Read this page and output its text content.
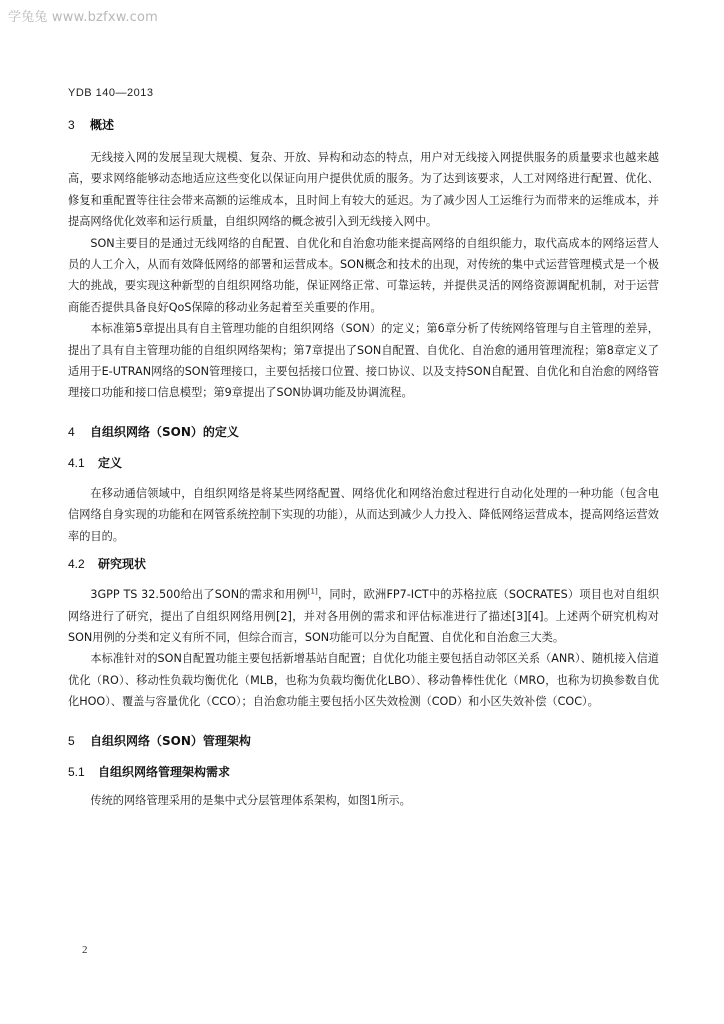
学兔兔 www.bzfxw.com
YDB 140—2013
3 概述

无线接入网的发展呈现大规模、复杂、开放、异构和动态的特点，用户对无线接入网提供服务的质量要求也越来越高，要求网络能够动态地适应这些变化以保证向用户提供优质的服务。为了达到该要求，人工对网络进行配置、优化、修复和重配置等往往会带来高额的运维成本，且时间上有较大的延迟。为了减少因人工运维行为而带来的运维成本，并提高网络优化效率和运行质量，自组织网络的概念被引入到无线接入网中。

SON主要目的是通过无线网络的自配置、自优化和自治愈功能来提高网络的自组织能力，取代高成本的网络运营人员的人工介入，从而有效降低网络的部署和运营成本。SON概念和技术的出现，对传统的集中式运营管理模式是一个极大的挑战，要实现这种新型的自组织网络功能，保证网络正常、可靠运转，并提供灵活的网络资源调配机制，对于运营商能否提供具备良好QoS保障的移动业务起着至关重要的作用。

本标准第5章提出具有自主管理功能的自组织网络（SON）的定义；第6章分析了传统网络管理与自主管理的差异，提出了具有自主管理功能的自组织网络架构；第7章提出了SON自配置、自优化、自治愈的通用管理流程；第8章定义了适用于E-UTRAN网络的SON管理接口，主要包括接口位置、接口协议、以及支持SON自配置、自优化和自治愈的网络管理接口功能和接口信息模型；第9章提出了SON协调功能及协调流程。

4 自组织网络（SON）的定义
4.1 定义

在移动通信领域中，自组织网络是将某些网络配置、网络优化和网络治愈过程进行自动化处理的一种功能（包含电信网络自身实现的功能和在网管系统控制下实现的功能），从而达到减少人力投入、降低网络运营成本，提高网络运营效率的目的。

4.2 研究现状

3GPP TS 32.500给出了SON的需求和用例[1]，同时，欧洲FP7-ICT中的苏格拉底（SOCRATES）项目也对自组织网络进行了研究，提出了自组织网络用例[2]，并对各用例的需求和评估标准进行了描述[3][4]。上述两个研究机构对SON用例的分类和定义有所不同，但综合而言，SON功能可以分为自配置、自优化和自治愈三大类。

本标准针对的SON自配置功能主要包括新增基站自配置；自优化功能主要包括自动邻区关系（ANR）、随机接入信道优化（RO）、移动性负载均衡优化（MLB，也称为负载均衡优化LBO）、移动鲁棒性优化（MRO，也称为切换参数自优化HOO）、覆盖与容量优化（CCO）；自治愈功能主要包括小区失效检测（COD）和小区失效补偿（COC）。

5 自组织网络（SON）管理架构
5.1 自组织网络管理架构需求

传统的网络管理采用的是集中式分层管理体系架构，如图1所示。

2
